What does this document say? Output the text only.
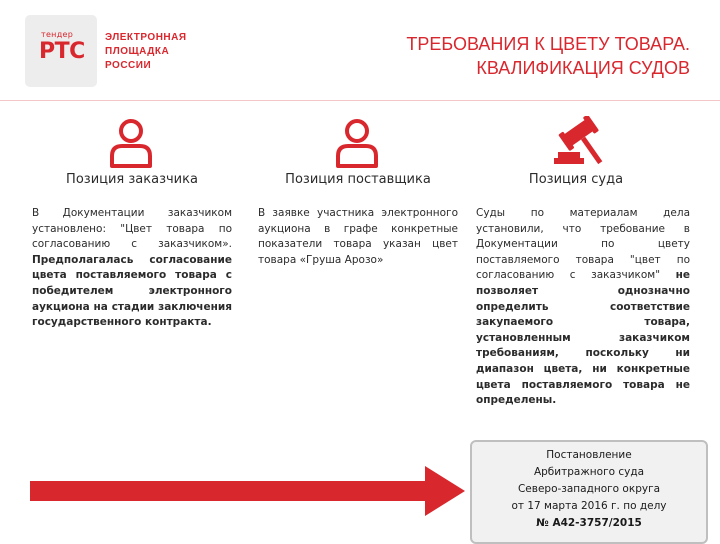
тендер
РТС
ЭЛЕКТРОННАЯ
ПЛОЩАДКА
РОССИИ
ТРЕБОВАНИЯ К ЦВЕТУ ТОВАРА.
КВАЛИФИКАЦИЯ СУДОВ
Позиция заказчика	Позиция поставщика	Позиция суда
В Документации заказчиком установлено: "Цвет товара по согласованию с заказчиком». Предполагалась согласование цвета поставляемого товара с победителем электронного аукциона на стадии заключения государственного контракта.
В заявке участника электронного аукциона в графе конкретные показатели товара указан цвет товара «Груша Арозо»
Суды по материалам дела установили, что требование в Документации по цвету поставляемого товара "цвет по согласованию с заказчиком" не позволяет однозначно определить соответствие закупаемого товара, установленным заказчиком требованиям, поскольку ни диапазон цвета, ни конкретные цвета поставляемого товара не определены.
Постановление
Арбитражного суда
Северо-западного округа
от 17 марта 2016 г. по делу
№ А42-3757/2015
